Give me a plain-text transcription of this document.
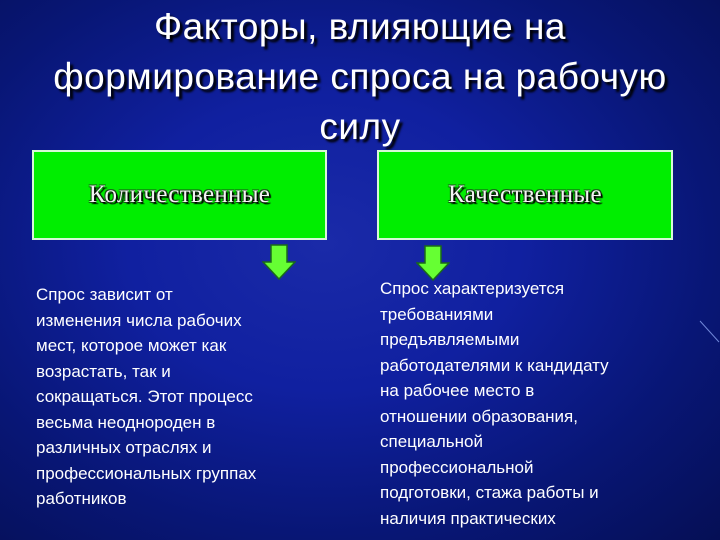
Факторы, влияющие на
формирование спроса на рабочую
силу
Количественные	Качественные
Спрос зависит от
изменения числа рабочих
мест, которое может как
возрастать, так и
сокращаться. Этот процесс
весьма неоднороден в
различных отраслях и
профессиональных группах
работников
Спрос характеризуется
требованиями
предъявляемыми
работодателями к кандидату
на рабочее место в
отношении образования,
специальной
профессиональной
подготовки, стажа работы и
наличия практических
